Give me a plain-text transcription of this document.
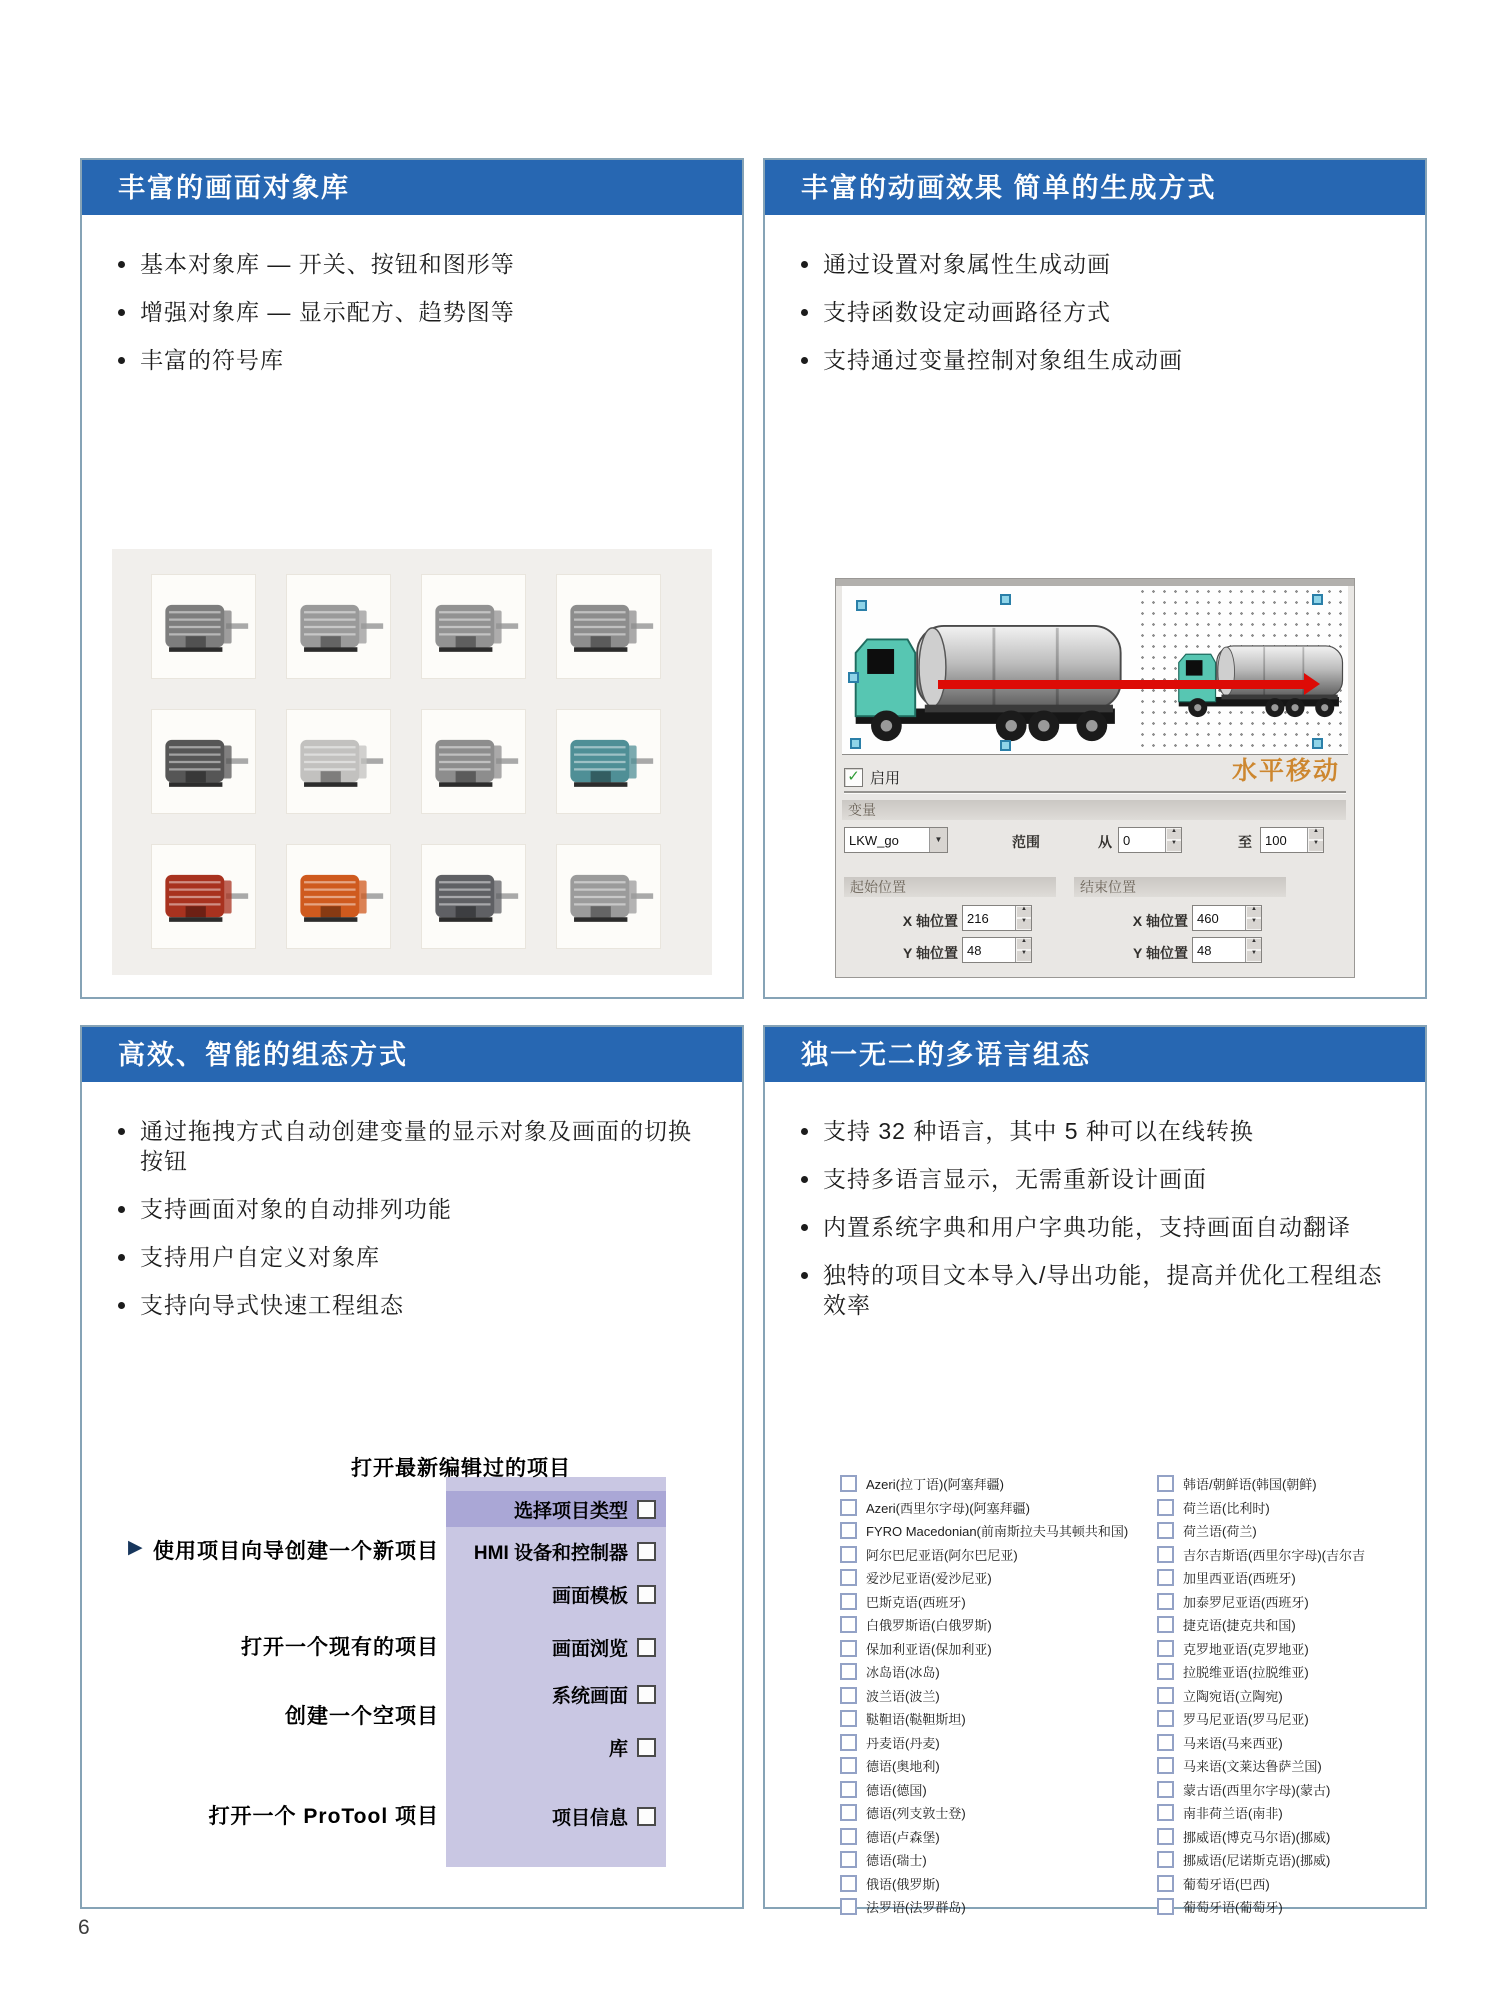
丰富的画面对象库
基本对象库 — 开关、按钮和图形等
增强对象库 — 显示配方、趋势图等
丰富的符号库
丰富的动画效果 简单的生成方式
通过设置对象属性生成动画
支持函数设定动画路径方式
支持通过变量控制对象组生成动画
✓ 启用	水平移动
变量
LKW_go	▼	范围	从 0
▲
▼	至	100
▲
▼
起始位置
X 轴位置 216
▲
▼
Y 轴位置 48
▲
▼
结束位置
X 轴位置 460
▲
▼
Y 轴位置 48
▲
▼
高效、智能的组态方式
通过拖拽方式自动创建变量的显示对象及画面的切换按钮
支持画面对象的自动排列功能
支持用户自定义对象库
支持向导式快速工程组态
选择项目类型
HMI 设备和控制器
画面模板
画面浏览
系统画面
库
项目信息
打开最新编辑过的项目
使用项目向导创建一个新项目
打开一个现有的项目
创建一个空项目
打开一个 ProTool 项目
▶
独一无二的多语言组态
支持 32 种语言，其中 5 种可以在线转换
支持多语言显示，无需重新设计画面
内置系统字典和用户字典功能，支持画面自动翻译
独特的项目文本导入/导出功能，提高并优化工程组态效率
Azeri(拉丁语)(阿塞拜疆)
Azeri(西里尔字母)(阿塞拜疆)
FYRO Macedonian(前南斯拉夫马其顿共和国)
阿尔巴尼亚语(阿尔巴尼亚)
爱沙尼亚语(爱沙尼亚)
巴斯克语(西班牙)
白俄罗斯语(白俄罗斯)
保加利亚语(保加利亚)
冰岛语(冰岛)
波兰语(波兰)
鞑靼语(鞑靼斯坦)
丹麦语(丹麦)
德语(奥地利)
德语(德国)
德语(列支敦士登)
德语(卢森堡)
德语(瑞士)
俄语(俄罗斯)
法罗语(法罗群岛)
韩语/朝鲜语(韩国(朝鲜)
荷兰语(比利时)
荷兰语(荷兰)
吉尔吉斯语(西里尔字母)(吉尔吉
加里西亚语(西班牙)
加泰罗尼亚语(西班牙)
捷克语(捷克共和国)
克罗地亚语(克罗地亚)
拉脱维亚语(拉脱维亚)
立陶宛语(立陶宛)
罗马尼亚语(罗马尼亚)
马来语(马来西亚)
马来语(文莱达鲁萨兰国)
蒙古语(西里尔字母)(蒙古)
南非荷兰语(南非)
挪威语(博克马尔语)(挪威)
挪威语(尼诺斯克语)(挪威)
葡萄牙语(巴西)
葡萄牙语(葡萄牙)
6
